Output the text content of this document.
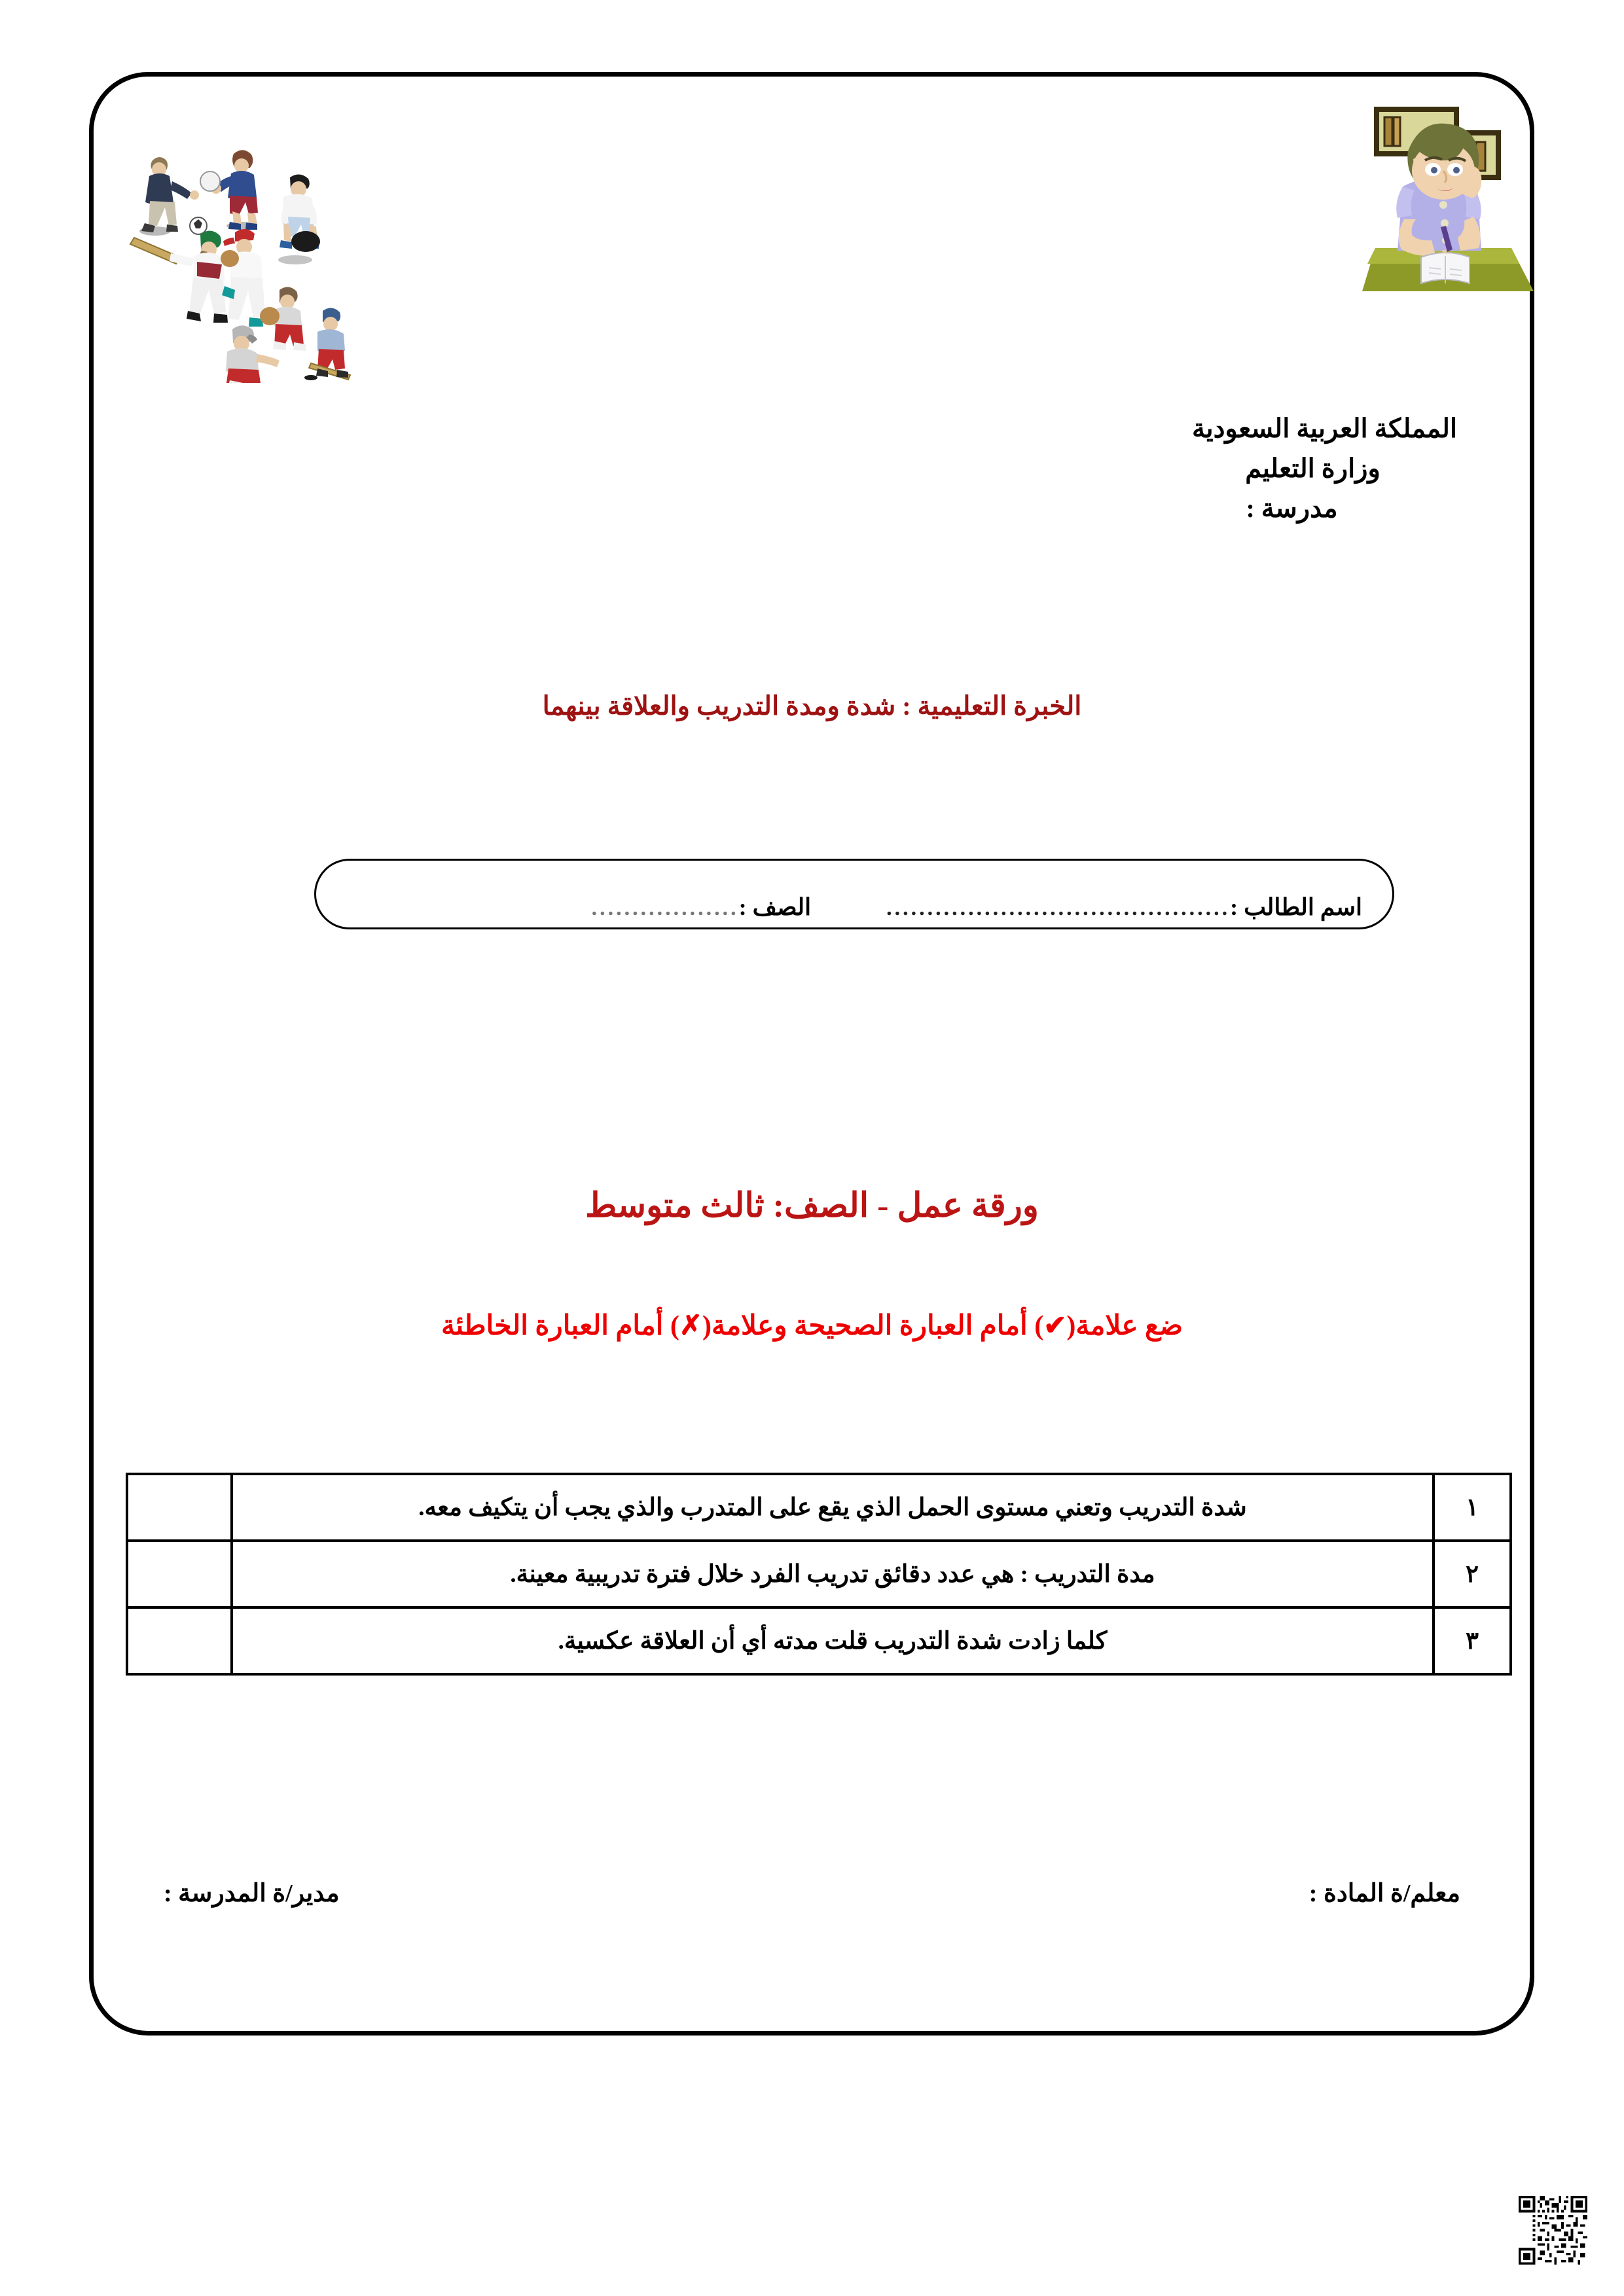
المملكة العربية السعودية
وزارة التعليم
مدرسة :
الخبرة التعليمية : شدة ومدة التدريب والعلاقة بينهما
اسم الطالب :
..........................................
الصف :
..................
ورقة عمل - الصف: ثالث متوسط
ضع علامة(✔) أمام العبارة الصحيحة وعلامة(✗) أمام العبارة الخاطئة
١	شدة التدريب وتعني مستوى الحمل الذي يقع على المتدرب والذي يجب أن يتكيف معه.	
٢	مدة التدريب : هي عدد دقائق تدريب الفرد خلال فترة تدريبية معينة.	
٣	كلما زادت شدة التدريب قلت مدته أي أن العلاقة عكسية.	
معلم/ة المادة :
مدير/ة المدرسة :
